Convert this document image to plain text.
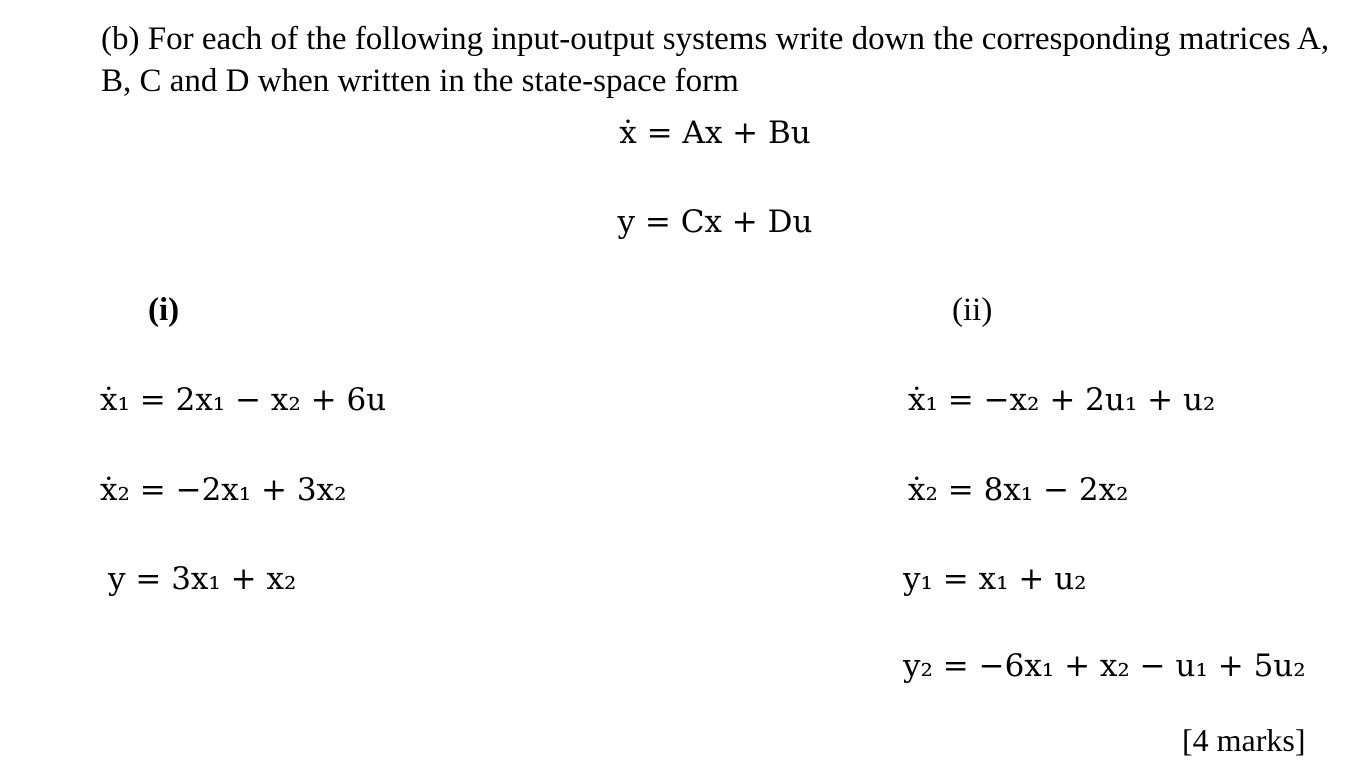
(b) For each of the following input-output systems write down the corresponding matrices A,
B, C and D when written in the state-space form
ẋ = Ax + Bu
y = Cx + Du
(i)	(ii)
ẋ₁ = 2x₁ − x₂ + 6u
ẋ₂ = −2x₁ + 3x₂
y = 3x₁ + x₂
ẋ₁ = −x₂ + 2u₁ + u₂
ẋ₂ = 8x₁ − 2x₂
y₁ = x₁ + u₂
y₂ = −6x₁ + x₂ − u₁ + 5u₂
[4 marks]
